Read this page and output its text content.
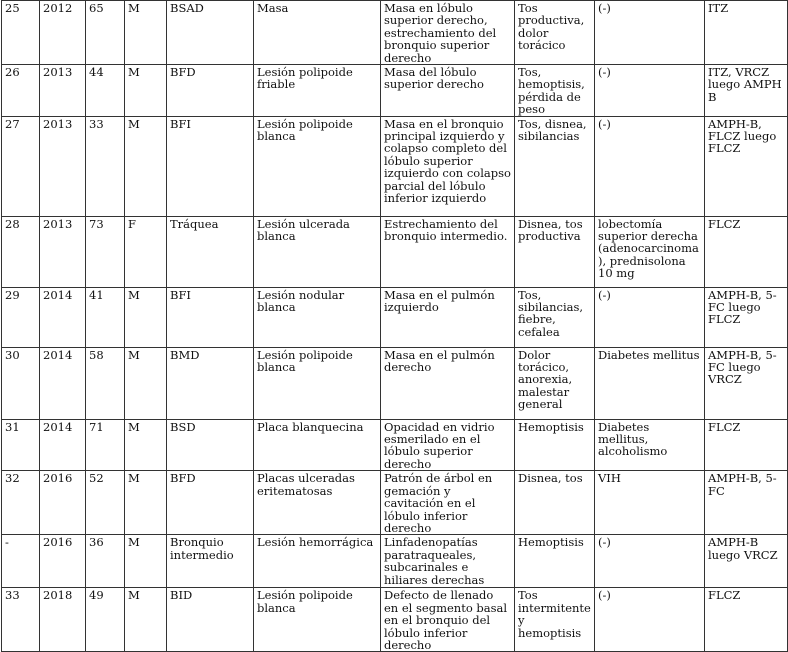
25	2012	65	M	BSAD	Masa	Masa en lóbulo superior derecho, estrechamiento del bronquio superior derecho	Tos productiva, dolor torácico	(-)	ITZ
26	2013	44	M	BFD	Lesión polipoide friable	Masa del lóbulo superior derecho	Tos, hemoptisis, pérdida de peso	(-)	ITZ, VRCZ luego AMPH B
27	2013	33	M	BFI	Lesión polipoide blanca	Masa en el bronquio principal izquierdo y colapso completo del lóbulo superior izquierdo con colapso parcial del lóbulo inferior izquierdo	Tos, disnea, sibilancias	(-)	AMPH-B, FLCZ luego FLCZ
28	2013	73	F	Tráquea	Lesión ulcerada blanca	Estrechamiento del bronquio intermedio.	Disnea, tos productiva	lobectomía superior derecha (adenocarcinoma), prednisolona 10 mg	FLCZ
29	2014	41	M	BFI	Lesión nodular blanca	Masa en el pulmón izquierdo	Tos, sibilancias, fiebre, cefalea	(-)	AMPH-B, 5-FC luego FLCZ
30	2014	58	M	BMD	Lesión polipoide blanca	Masa en el pulmón derecho	Dolor torácico, anorexia, malestar general	Diabetes mellitus	AMPH-B, 5-FC luego VRCZ
31	2014	71	M	BSD	Placa blanquecina	Opacidad en vidrio esmerilado en el lóbulo superior derecho	Hemoptisis	Diabetes mellitus, alcoholismo	FLCZ
32	2016	52	M	BFD	Placas ulceradas eritematosas	Patrón de árbol en gemación y cavitación en el lóbulo inferior derecho	Disnea, tos	VIH	AMPH-B, 5-FC
-	2016	36	M	Bronquio intermedio	Lesión hemorrágica	Linfadenopatías paratraqueales, subcarinales e hiliares derechas	Hemoptisis	(-)	AMPH-B luego VRCZ
33	2018	49	M	BID	Lesión polipoide blanca	Defecto de llenado en el segmento basal en el bronquio del lóbulo inferior derecho	Tos intermitente y hemoptisis	(-)	FLCZ
